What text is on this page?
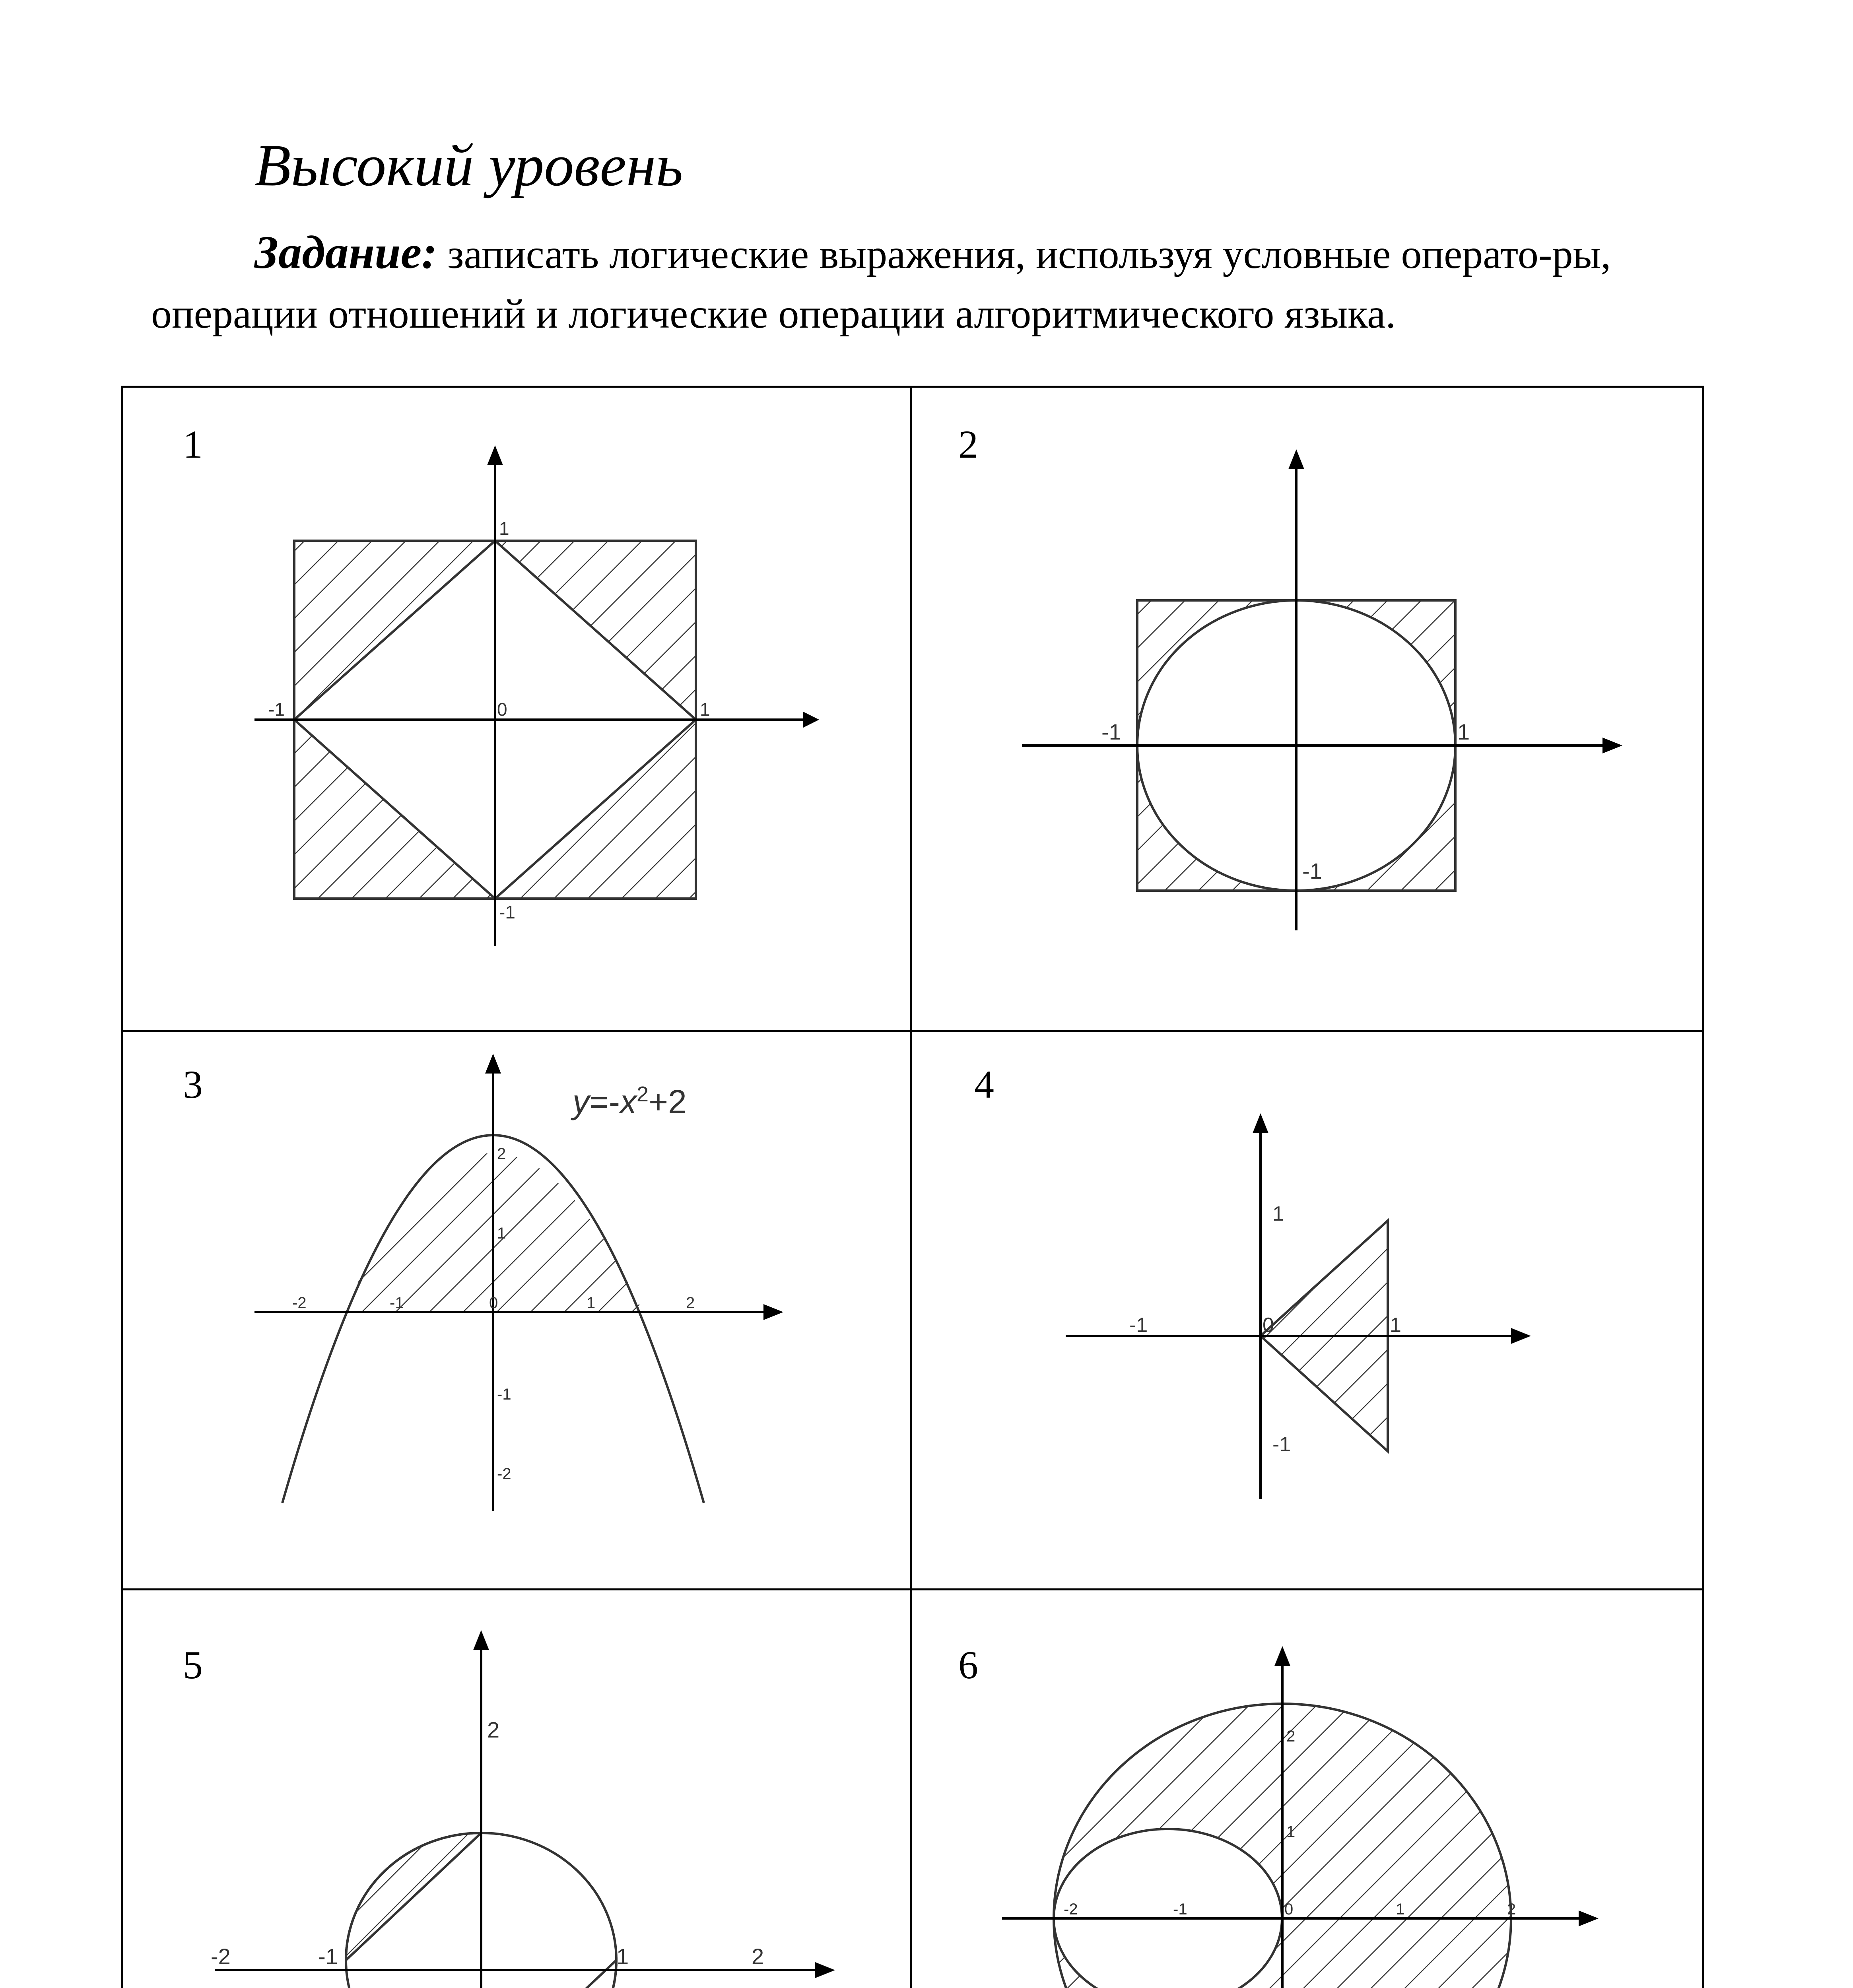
Высокий уровень

Задание: записать логические выражения, используя условные операто-ры, операции отношений и логические операции алгоритмического языка.

1
-1	0	1
1
-1
2
-1	1
-1
3
-2	-1	0	1	2
2
1
-1
-2
$y=-x^2+2$	4
-1	0	1
1
-1
5
-2	-1	1	2
2
6
-2	-1	0	1	2
2
1
